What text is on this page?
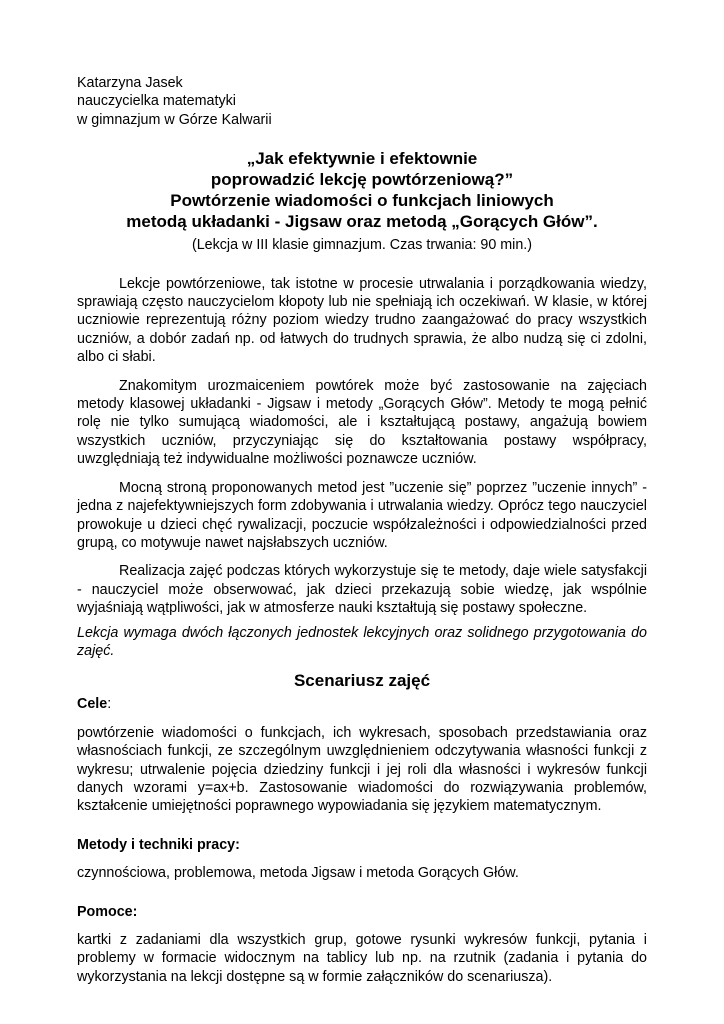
Katarzyna Jasek
nauczycielka matematyki
w gimnazjum w Górze Kalwarii
„Jak efektywnie i efektownie
poprowadzić lekcję powtórzeniową?”
Powtórzenie wiadomości o funkcjach liniowych
metodą układanki - Jigsaw oraz metodą „Gorących Głów”.
(Lekcja w III klasie gimnazjum. Czas trwania: 90 min.)

Lekcje powtórzeniowe, tak istotne w procesie utrwalania i porządkowania wiedzy, sprawiają często nauczycielom kłopoty lub nie spełniają ich oczekiwań. W klasie, w której uczniowie reprezentują różny poziom wiedzy trudno zaangażować do pracy wszystkich uczniów, a dobór zadań np. od łatwych do trudnych sprawia, że albo nudzą się ci zdolni, albo ci słabi.

Znakomitym urozmaiceniem powtórek może być zastosowanie na zajęciach metody klasowej układanki - Jigsaw i metody „Gorących Głów”. Metody te mogą pełnić rolę nie tylko sumującą wiadomości, ale i kształtującą postawy, angażują bowiem wszystkich uczniów, przyczyniając się do kształtowania postawy współpracy, uwzględniają też indywidualne możliwości poznawcze uczniów.

Mocną stroną proponowanych metod jest ”uczenie się” poprzez ”uczenie innych” - jedna z najefektywniejszych form zdobywania i utrwalania wiedzy. Oprócz tego nauczyciel prowokuje u dzieci chęć rywalizacji, poczucie współzależności i odpowiedzialności przed grupą, co motywuje nawet najsłabszych uczniów.

Realizacja zajęć podczas których wykorzystuje się te metody, daje wiele satysfakcji - nauczyciel może obserwować, jak dzieci przekazują sobie wiedzę, jak wspólnie wyjaśniają wątpliwości, jak w atmosferze nauki kształtują się postawy społeczne.

Lekcja wymaga dwóch łączonych jednostek lekcyjnych oraz solidnego przygotowania do zajęć.

Scenariusz zajęć
Cele:

powtórzenie wiadomości o funkcjach, ich wykresach, sposobach przedstawiania oraz własnościach funkcji, ze szczególnym uwzględnieniem odczytywania własności funkcji z wykresu; utrwalenie pojęcia dziedziny funkcji i jej roli dla własności i wykresów funkcji danych wzorami y=ax+b. Zastosowanie wiadomości do rozwiązywania problemów, kształcenie umiejętności poprawnego wypowiadania się językiem matematycznym.

Metody i techniki pracy:

czynnościowa, problemowa, metoda Jigsaw i metoda Gorących Głów.

Pomoce:

kartki z zadaniami dla wszystkich grup, gotowe rysunki wykresów funkcji, pytania i problemy w formacie widocznym na tablicy lub np. na rzutnik (zadania i pytania do wykorzystania na lekcji dostępne są w formie załączników do scenariusza).
